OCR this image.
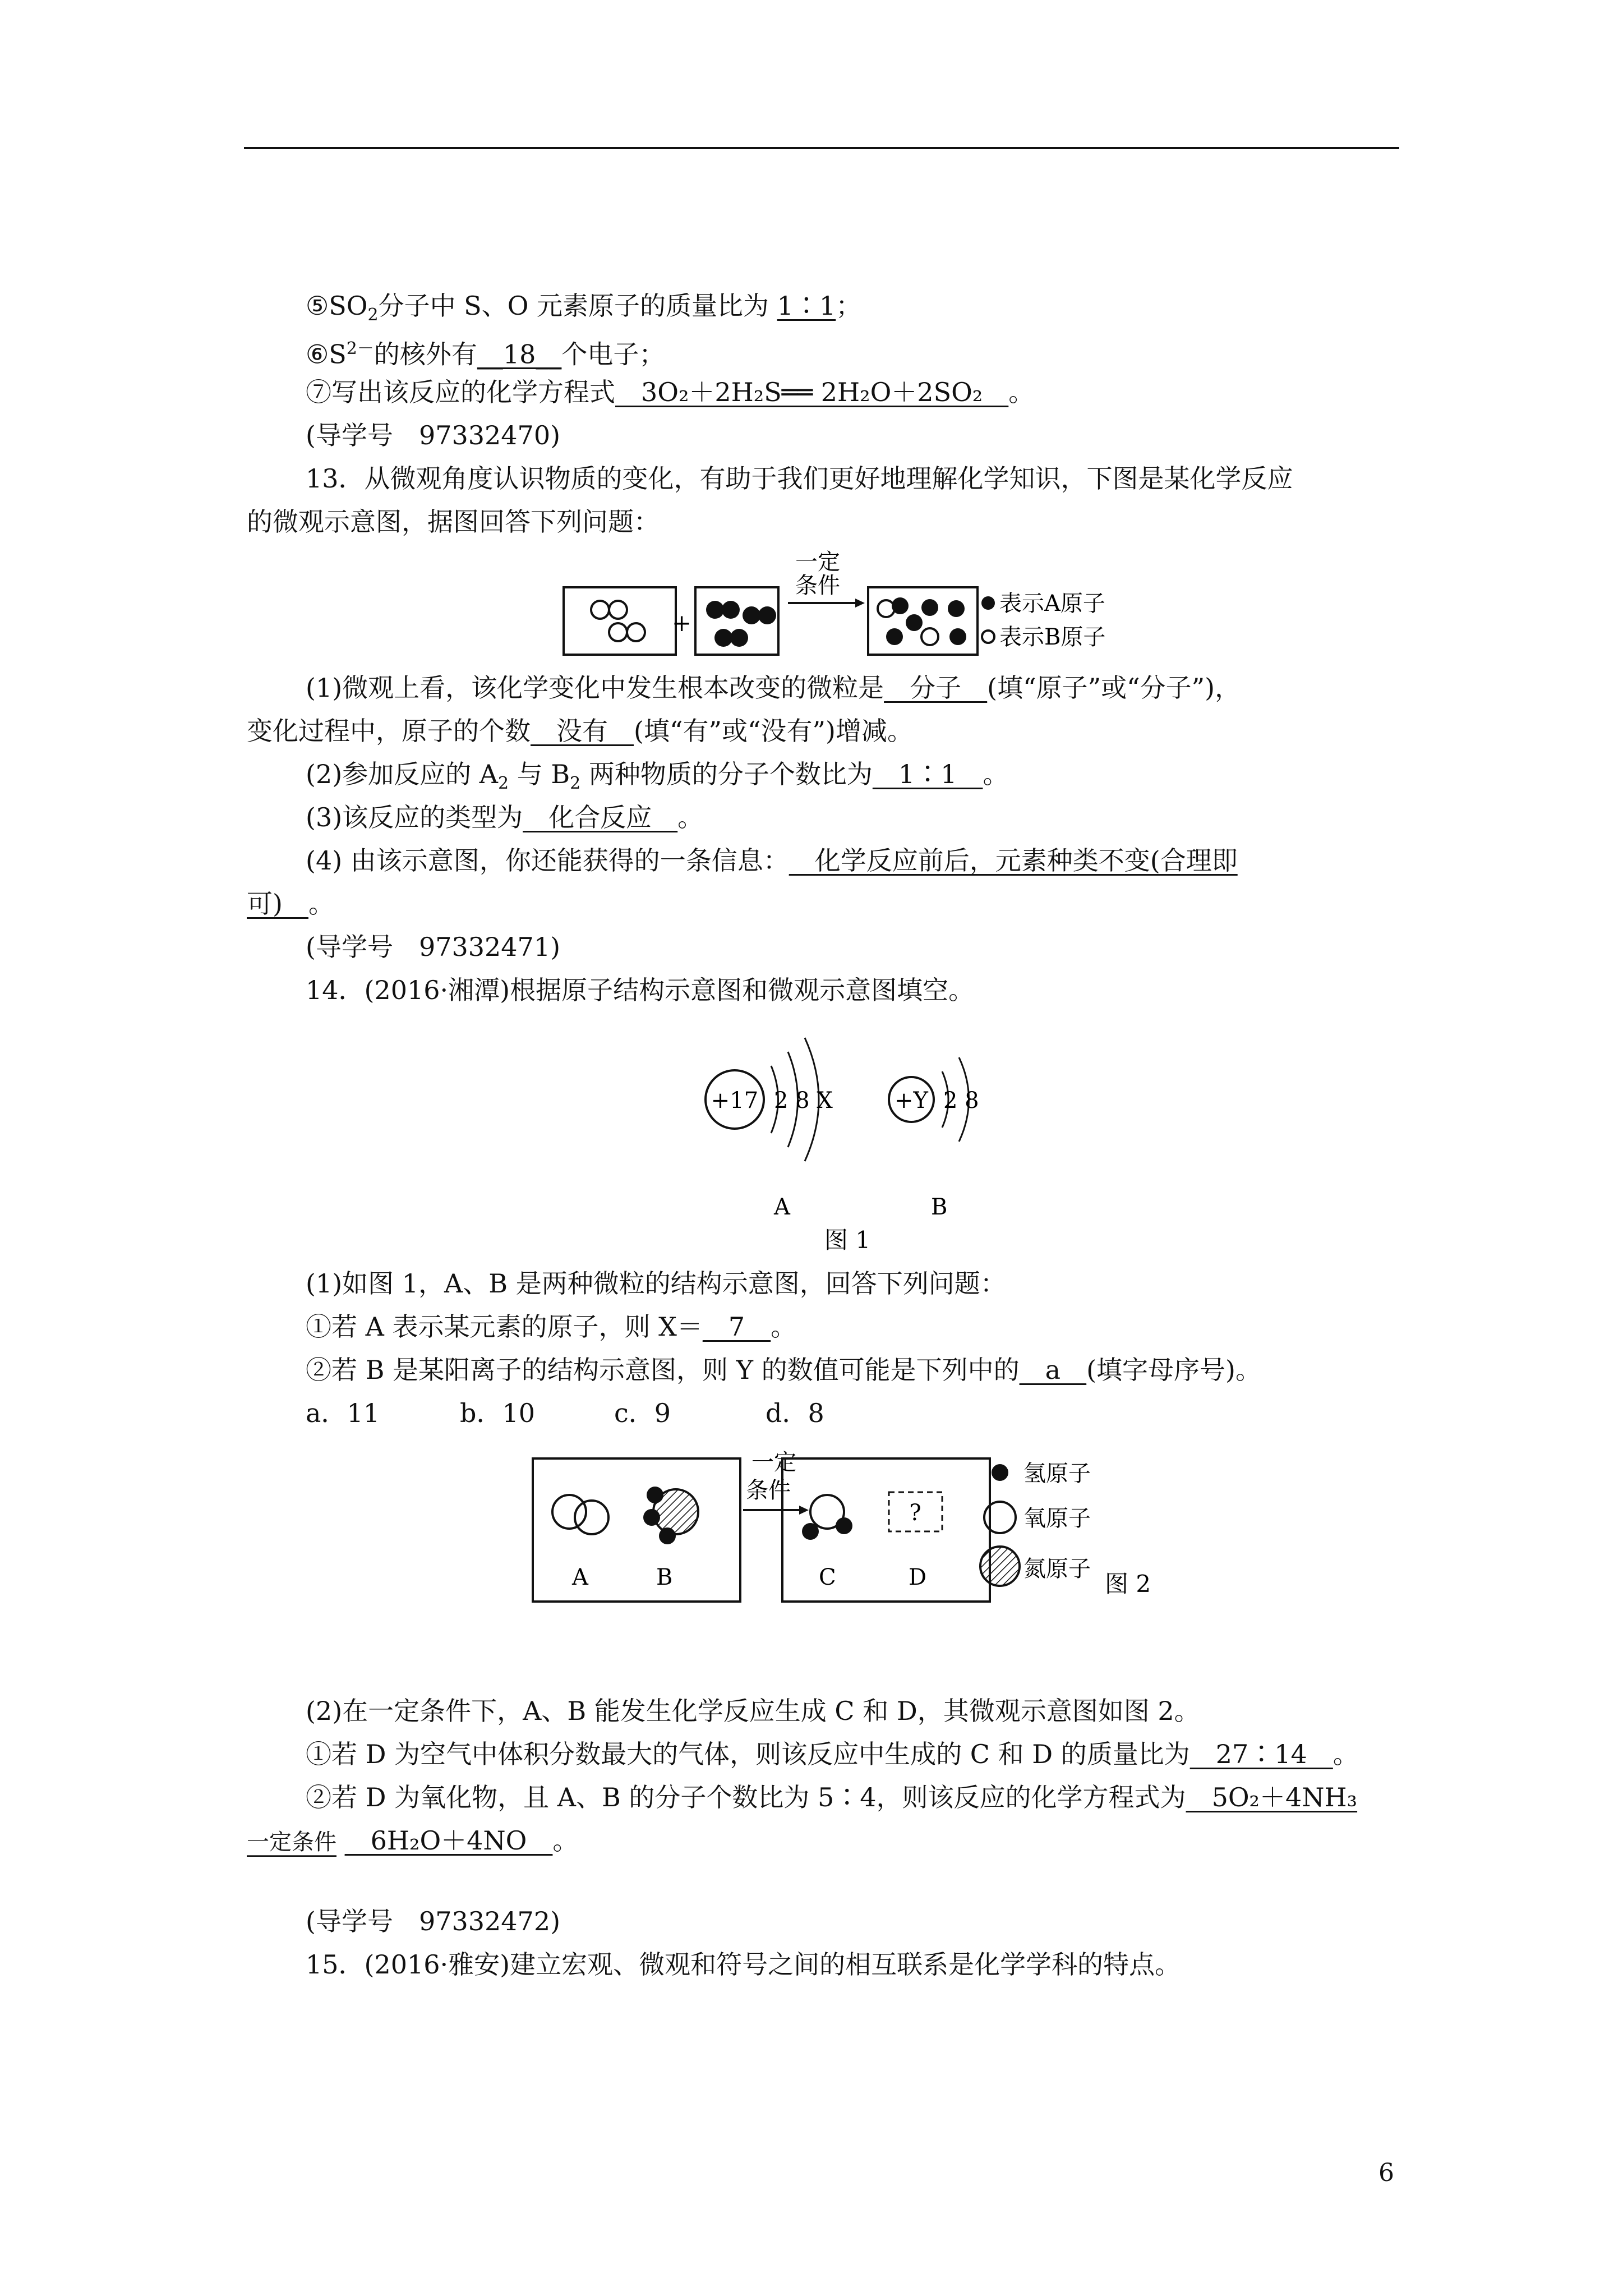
$⑤SO_2$分子中 S、O 元素原子的质量比为 1∶1；
$⑥S^{2-}$的核外有__18__个电子；
⑦写出该反应的化学方程式__3O₂＋2H₂S══ 2H₂O＋2SO₂__。
(导学号　97332470)
13．从微观角度认识物质的变化，有助于我们更好地理解化学知识，下图是某化学反应
的微观示意图，据图回答下列问题：
+
一定
条件
表示A原子
表示B原子
(1)微观上看，该化学变化中发生根本改变的微粒是__分子__(填“原子”或“分子”)，
变化过程中，原子的个数__没有__(填“有”或“没有”)增减。
(2)参加反应的 $A_2$ 与 $B_2$ 两种物质的分子个数比为__1∶1__。
(3)该反应的类型为__化合反应__。
(4) 由该示意图，你还能获得的一条信息：__化学反应前后，元素种类不变(合理即
可)__。
(导学号　97332471)
14．(2016·湘潭)根据原子结构示意图和微观示意图填空。
+17 2 8 X	+Y 2 8
A	B
图 1
(1)如图 1，A、B 是两种微粒的结构示意图，回答下列问题：
①若 A 表示某元素的原子，则 X＝__7__。
②若 B 是某阳离子的结构示意图，则 Y 的数值可能是下列中的__a__(填字母序号)。
a．11	b．10	c．9	d．8
A	B
一定
条件
?
C	D
氢原子
氧原子
氮原子
图 2
(2)在一定条件下，A、B 能发生化学反应生成 C 和 D，其微观示意图如图 2。
①若 D 为空气中体积分数最大的气体，则该反应中生成的 C 和 D 的质量比为__27∶14__。
②若 D 为氧化物，且 A、B 的分子个数比为 5∶4，则该反应的化学方程式为__5O₂＋4NH₃
一定条件 __6H₂O＋4NO__。
(导学号　97332472)
15．(2016·雅安)建立宏观、微观和符号之间的相互联系是化学学科的特点。
6
